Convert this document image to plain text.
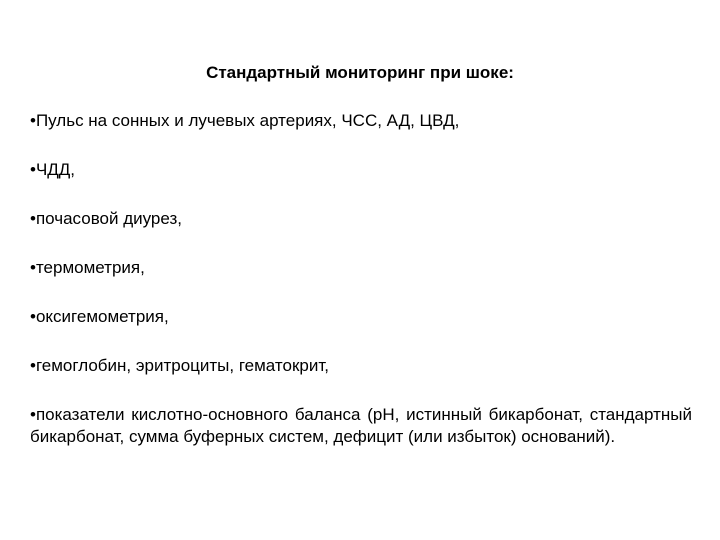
Стандартный мониторинг при шоке:
•Пульс на сонных и лучевых артериях, ЧСС, АД, ЦВД,
•ЧДД,
•почасовой диурез,
•термометрия,
•оксигемометрия,
•гемоглобин, эритроциты, гематокрит,
•показатели кислотно-основного баланса (рН, истинный бикарбонат, стандартный бикарбонат, сумма буферных систем, дефицит (или избыток) оснований).
